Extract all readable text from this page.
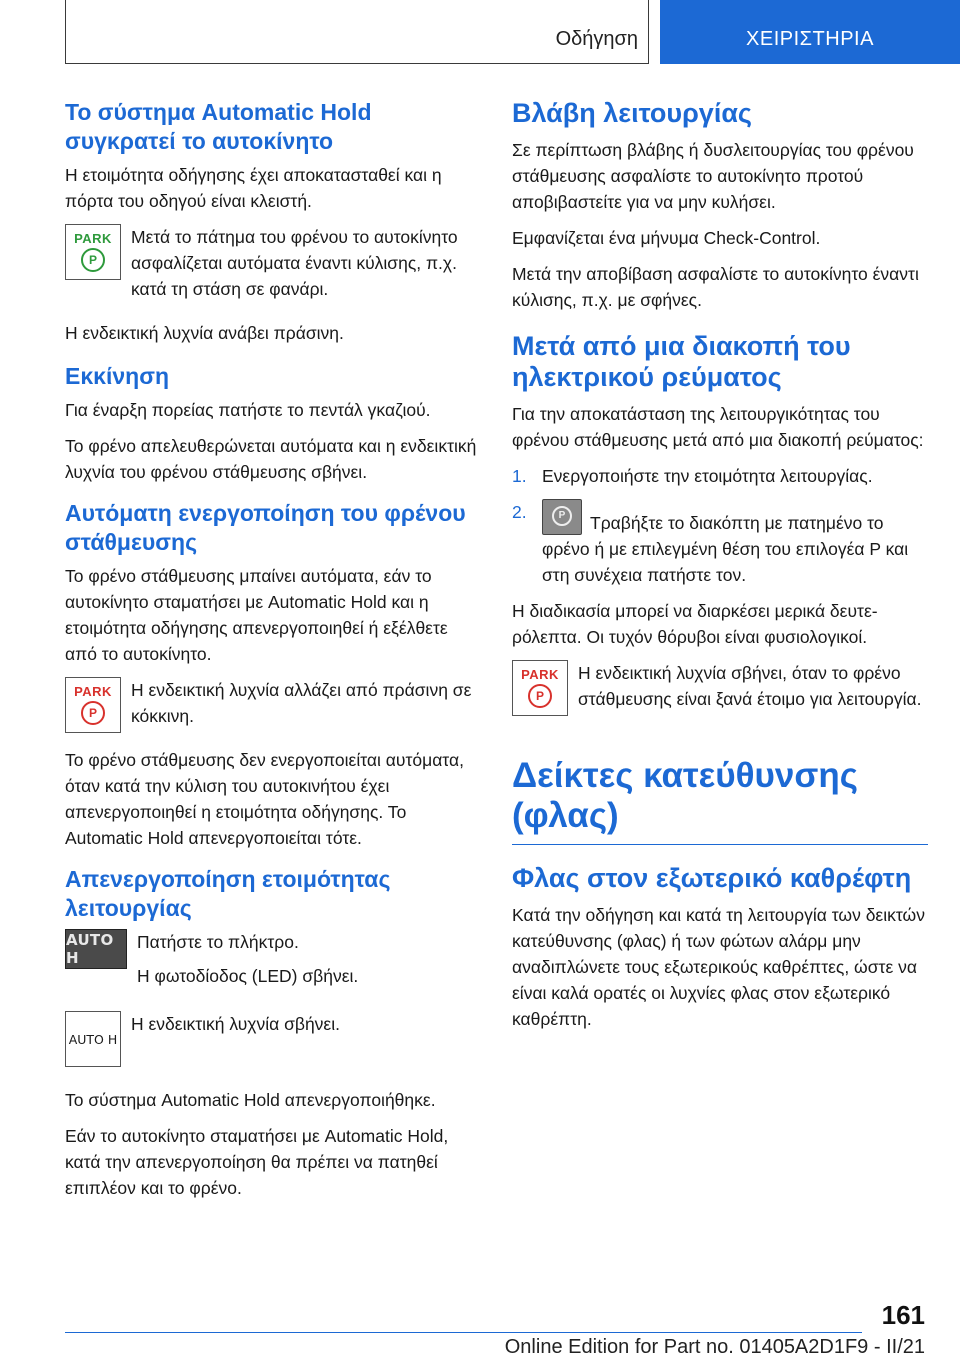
Οδήγηση	ΧΕΙΡΙΣΤΗΡΙΑ
Το σύστημα Automatic Hold συγκρατεί το αυτοκίνητο

Η ετοιμότητα οδήγησης έχει αποκατασταθεί και η πόρτα του οδηγού είναι κλειστή.

PARK
P

Μετά το πάτημα του φρένου το αυτοκίνητο ασφαλίζεται αυτόματα έναντι κύλισης, π.χ. κατά τη στάση σε φανάρι.

Η ενδεικτική λυχνία ανάβει πράσινη.

Εκκίνηση

Για έναρξη πορείας πατήστε το πεντάλ γκαζιού.

Το φρένο απελευθερώνεται αυτόματα και η ενδεικτική λυχνία του φρένου στάθμευσης σβήνει.

Αυτόματη ενεργοποίηση του φρένου στάθμευσης

Το φρένο στάθμευσης μπαίνει αυτόματα, εάν το αυτοκίνητο σταματήσει με Automatic Hold και η ετοιμότητα οδήγησης απενεργοποιηθεί ή εξέλθετε από το αυτοκίνητο.

PARK
P

Η ενδεικτική λυχνία αλλάζει από πράσινη σε κόκκινη.

Το φρένο στάθμευσης δεν ενεργοποιείται αυτόματα, όταν κατά την κύλιση του αυτοκινήτου έχει απενεργοποιηθεί η ετοιμότητα οδήγησης. Το Automatic Hold απενεργοποιείται τότε.

Απενεργοποίηση ετοιμότητας λειτουργίας
AUTO H

Πατήστε το πλήκτρο.

Η φωτοδίοδος (LED) σβήνει.

AUTO H

Η ενδεικτική λυχνία σβήνει.

Το σύστημα Automatic Hold απενεργοποιήθηκε.

Εάν το αυτοκίνητο σταματήσει με Automatic Hold, κατά την απενεργοποίηση θα πρέπει να πατηθεί επιπλέον και το φρένο.

Βλάβη λειτουργίας

Σε περίπτωση βλάβης ή δυσλειτουργίας του φρένου στάθμευσης ασφαλίστε το αυτοκίνητο προτού αποβιβαστείτε για να μην κυλήσει.

Εμφανίζεται ένα μήνυμα Check-Control.

Μετά την αποβίβαση ασφαλίστε το αυτοκίνητο έναντι κύλισης, π.χ. με σφήνες.

Μετά από μια διακοπή του ηλεκτρικού ρεύματος

Για την αποκατάσταση της λειτουργικότητας του φρένου στάθμευσης μετά από μια διακοπή ρεύματος:

1. Ενεργοποιήστε την ετοιμότητα λειτουργίας.
2.	P	Τραβήξτε το διακόπτη με πατημένο το φρένο ή με επιλεγμένη θέση του επιλογέα P και στη συνέχεια πατήστε τον.

Η διαδικασία μπορεί να διαρκέσει μερικά δευτερόλεπτα. Οι τυχόν θόρυβοι είναι φυσιολογικοί.

PARK
P

Η ενδεικτική λυχνία σβήνει, όταν το φρένο στάθμευσης είναι ξανά έτοιμο για λειτουργία.

Δείκτες κατεύθυνσης (φλας)
Φλας στον εξωτερικό καθρέφτη

Κατά την οδήγηση και κατά τη λειτουργία των δεικτών κατεύθυνσης (φλας) ή των φώτων αλάρμ μην αναδιπλώνετε τους εξωτερικούς καθρέπτες, ώστε να είναι καλά ορατές οι λυχνίες φλας στον εξωτερικό καθρέπτη.

161
Online Edition for Part no. 01405A2D1F9 - II/21
